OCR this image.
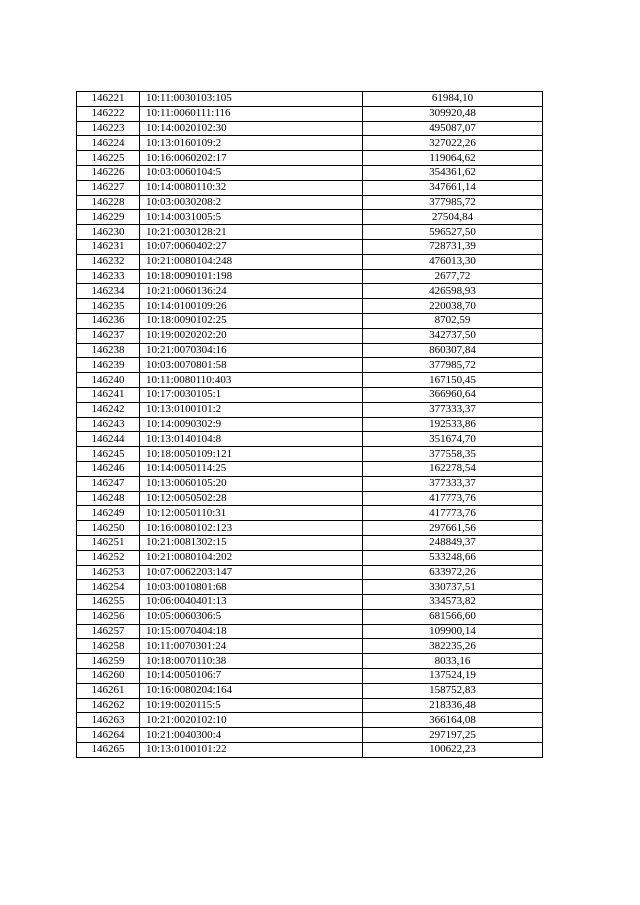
146221	10:11:0030103:105	61984,10
146222	10:11:0060111:116	309920,48
146223	10:14:0020102:30	495087,07
146224	10:13:0160109:2	327022,26
146225	10:16:0060202:17	119064,62
146226	10:03:0060104:5	354361,62
146227	10:14:0080110:32	347661,14
146228	10:03:0030208:2	377985,72
146229	10:14:0031005:5	27504,84
146230	10:21:0030128:21	596527,50
146231	10:07:0060402:27	728731,39
146232	10:21:0080104:248	476013,30
146233	10:18:0090101:198	2677,72
146234	10:21:0060136:24	426598,93
146235	10:14:0100109:26	220038,70
146236	10:18:0090102:25	8702,59
146237	10:19:0020202:20	342737,50
146238	10:21:0070304:16	860307,84
146239	10:03:0070801:58	377985,72
146240	10:11:0080110:403	167150,45
146241	10:17:0030105:1	366960,64
146242	10:13:0100101:2	377333,37
146243	10:14:0090302:9	192533,86
146244	10:13:0140104:8	351674,70
146245	10:18:0050109:121	377558,35
146246	10:14:0050114:25	162278,54
146247	10:13:0060105:20	377333,37
146248	10:12:0050502:28	417773,76
146249	10:12:0050110:31	417773,76
146250	10:16:0080102:123	297661,56
146251	10:21:0081302:15	248849,37
146252	10:21:0080104:202	533248,66
146253	10:07:0062203:147	633972,26
146254	10:03:0010801:68	330737,51
146255	10:06:0040401:13	334573,82
146256	10:05:0060306:5	681566,60
146257	10:15:0070404:18	109900,14
146258	10:11:0070301:24	382235,26
146259	10:18:0070110:38	8033,16
146260	10:14:0050106:7	137524,19
146261	10:16:0080204:164	158752,83
146262	10:19:0020115:5	218336,48
146263	10:21:0020102:10	366164,08
146264	10:21:0040300:4	297197,25
146265	10:13:0100101:22	100622,23
